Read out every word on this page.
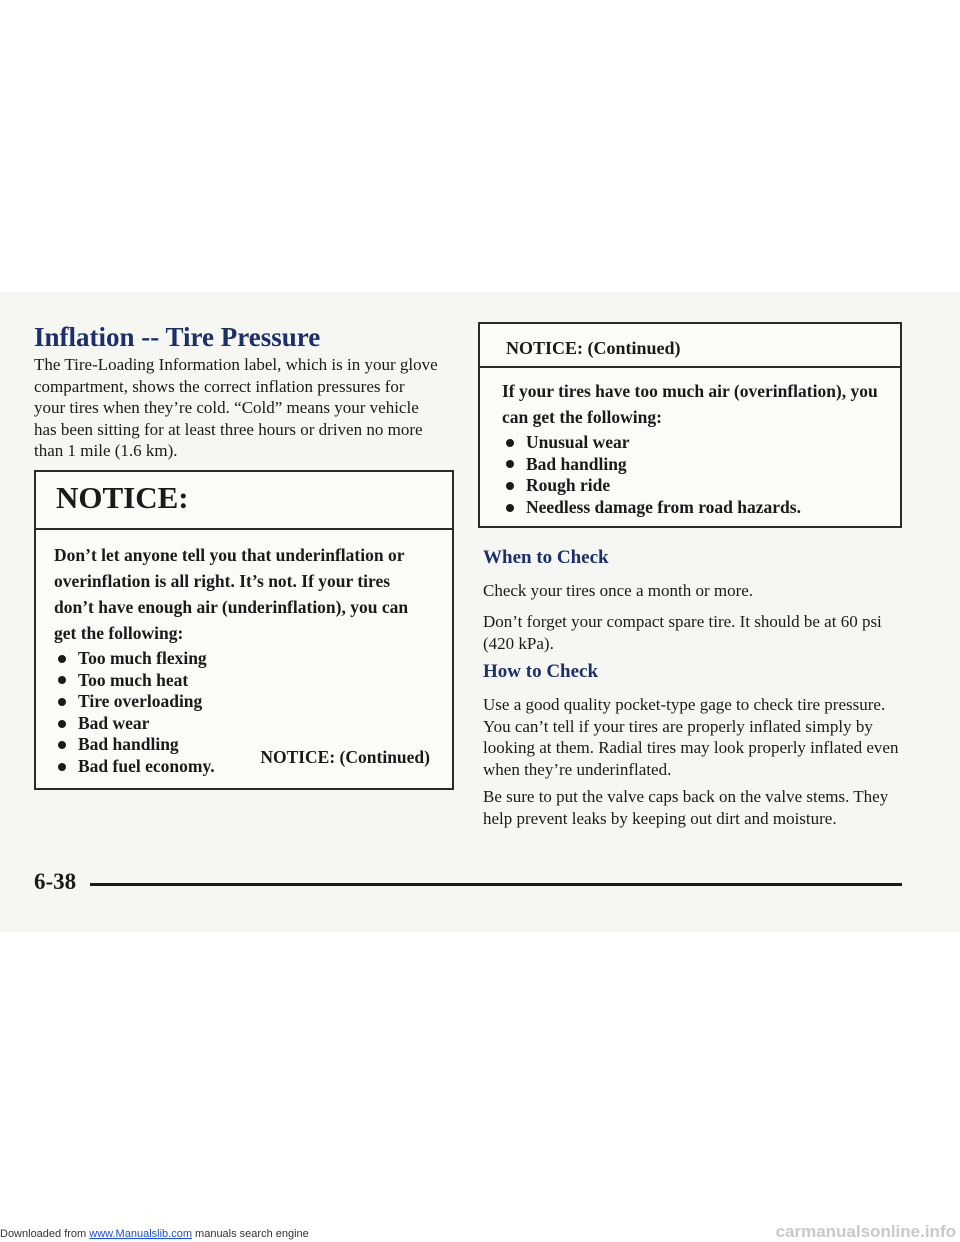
Inflation -- Tire Pressure

The Tire-Loading Information label, which is in your glove compartment, shows the correct inflation pressures for your tires when they’re cold. “Cold” means your vehicle has been sitting for at least three hours or driven no more than 1 mile (1.6 km).

NOTICE:

Don’t let anyone tell you that underinflation or overinflation is all right. It’s not. If your tires don’t have enough air (underinflation), you can get the following:

Too much flexing
Too much heat
Tire overloading
Bad wear
Bad handling
Bad fuel economy.	NOTICE: (Continued)
NOTICE: (Continued)

If your tires have too much air (overinflation), you can get the following:

Unusual wear
Bad handling
Rough ride
Needless damage from road hazards.
When to Check

Check your tires once a month or more.

Don’t forget your compact spare tire. It should be at 60 psi (420 kPa).

How to Check

Use a good quality pocket-type gage to check tire pressure. You can’t tell if your tires are properly inflated simply by looking at them. Radial tires may look properly inflated even when they’re underinflated.

Be sure to put the valve caps back on the valve stems. They help prevent leaks by keeping out dirt and moisture.

6-38
Downloaded from www.Manualslib.com manuals search engine	carmanualsonline.info
